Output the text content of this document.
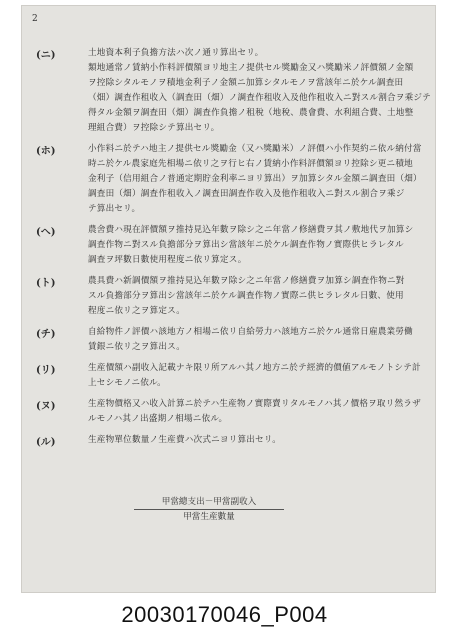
2
(ニ)	土地資本利子負擔方法ハ次ノ通リ算出セリ。
類地通常ノ賃納小作料評價額ヨリ地主ノ提供セル獎勵金又ハ獎勵米ノ評價額ノ金額
ヲ控除シタルモノヲ積地金利子ノ金額ニ加算シタルモノヲ當該年ニ於ケル調査田
（畑）調査作租收入（調査田（畑）ノ調査作租收入及他作租收入ニ對スル割合ヲ乘ジテ
得タル金額ヲ調査田（畑）調査作負擔ノ租稅（地稅、農會費、水利組合費、土地整
理組合費）ヲ控除シテ算出セリ。
(ホ)	小作料ニ於テハ地主ノ提供セル獎勵金（又ハ獎勵米）ノ評價ハ小作契約ニ依ル納付當
時ニ於ケル農家庭先相場ニ依リ之ヲ行ヒ右ノ賃納小作料評價額ヨリ控除シ更ニ積地
金利子（信用組合ノ普通定期貯金利率ニヨリ算出）ヲ加算シタル金額ニ調査田（畑）
調査田（畑）調査作租收入ノ調査田調査作收入及他作租收入ニ對スル割合ヲ乘ジ
テ算出セリ。
(へ)	農舍費ハ現在評價額ヲ推持見込年數ヲ除シ之ニ年當ノ修繕費ヲ其ノ敷地代ヲ加算シ
調査作物ニ對スル負擔部分ヲ算出シ當該年ニ於ケル調査作物ノ實際供ヒラレタル
調査ヲ坪數日數使用程度ニ依リ算定ス。
(ト)	農具費ハ新調價額ヲ推持見込年數ヲ除シ之ニ年當ノ修繕費ヲ加算シ調査作物ニ對
スル負擔部分ヲ算出シ當該年ニ於ケル調査作物ノ實際ニ供ヒラレタル日數、使用
程度ニ依リ之ヲ算定ス。
(チ)	自給物件ノ評價ハ該地方ノ相場ニ依リ自給勞力ハ該地方ニ於ケル通常日雇農業勞働
賃銀ニ依リ之ヲ算出ス。
(リ)	生産價額ハ副收入記載ナキ限リ所アルハ其ノ地方ニ於テ經濟的價値アルモノトシテ計
上セシモノニ依ル。
(ヌ)	生産物價格又ハ收入計算ニ於テハ生産物ノ實際賣リタルモノハ其ノ價格ヲ取リ然ラザ
ルモノハ其ノ出盛期ノ相場ニ依ル。
(ル)	生産物單位數量ノ生産費ハ次式ニヨリ算出セリ。
甲當總支出－甲當副收入
甲當生産數量
20030170046_P004
